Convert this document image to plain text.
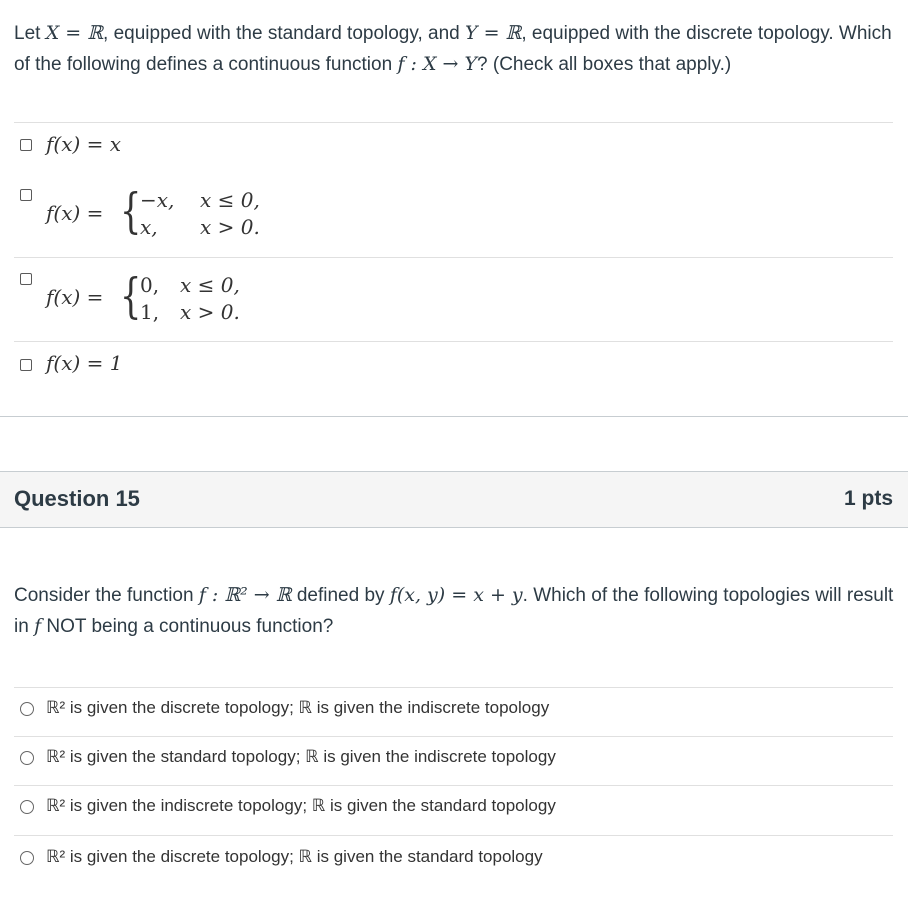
Let X = ℝ, equipped with the standard topology, and Y = ℝ, equipped with the discrete topology. Which of the following defines a continuous function f : X → Y? (Check all boxes that apply.)
f(x) = x
f(x) = {
−x, x ≤ 0,
x, x > 0.
f(x) = {
0, x ≤ 0,
1, x > 0.
f(x) = 1
Question 15	1 pts
Consider the function f : ℝ² → ℝ defined by f(x, y) = x + y. Which of the following topologies will result in f NOT being a continuous function?
ℝ² is given the discrete topology; ℝ is given the indiscrete topology
ℝ² is given the standard topology; ℝ is given the indiscrete topology
ℝ² is given the indiscrete topology; ℝ is given the standard topology
ℝ² is given the discrete topology; ℝ is given the standard topology
